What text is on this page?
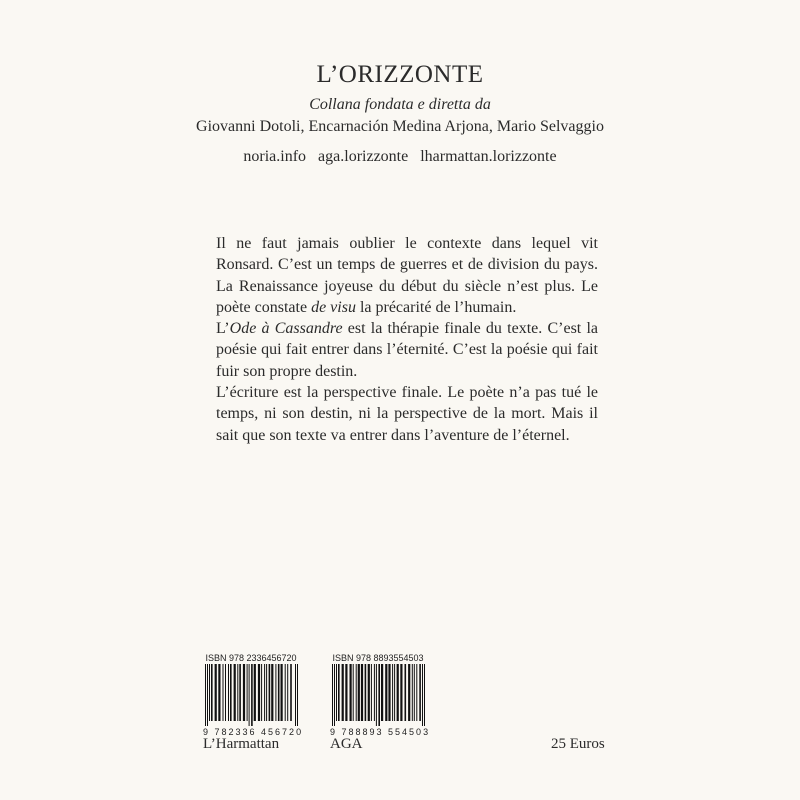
L’ORIZZONTE
Collana fondata e diretta da
Giovanni Dotoli, Encarnación Medina Arjona, Mario Selvaggio
noria.info aga.lorizzonte lharmattan.lorizzonte

Il ne faut jamais oublier le contexte dans lequel vit Ronsard. C’est un temps de guerres et de division du pays. La Renaissance joyeuse du début du siècle n’est plus. Le poète constate de visu la précarité de l’humain.

L’Ode à Cassandre est la thérapie finale du texte. C’est la poésie qui fait entrer dans l’éternité. C’est la poésie qui fait fuir son propre destin.

L’écriture est la perspective finale. Le poète n’a pas tué le temps, ni son destin, ni la perspective de la mort. Mais il sait que son texte va entrer dans l’aventure de l’éternel.

ISBN 978 2336456720
9 782336 456720
ISBN 978 8893554503
9 788893 554503
L’Harmattan	AGA	25 Euros
